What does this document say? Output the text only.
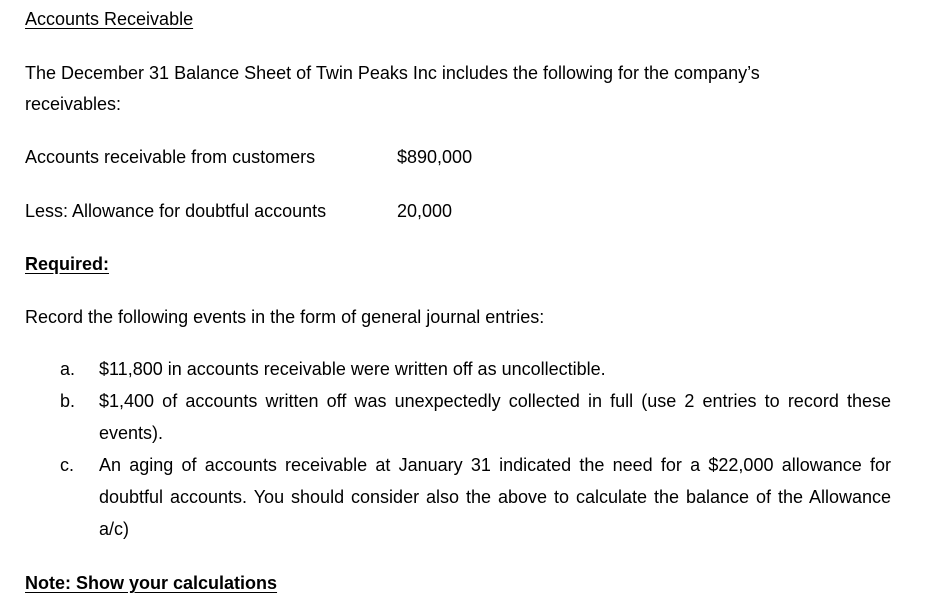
Accounts Receivable
The December 31 Balance Sheet of Twin Peaks Inc includes the following for the company’s
receivables:
Accounts receivable from customers	$890,000
Less: Allowance for doubtful accounts	20,000
Required:
Record the following events in the form of general journal entries:
a. $11,800 in accounts receivable were written off as uncollectible.
b. $1,400 of accounts written off was unexpectedly collected in full (use 2 entries to record these events).
c. An aging of accounts receivable at January 31 indicated the need for a $22,000 allowance for doubtful accounts. You should consider also the above to calculate the balance of the Allowance a/c)
Note: Show your calculations
